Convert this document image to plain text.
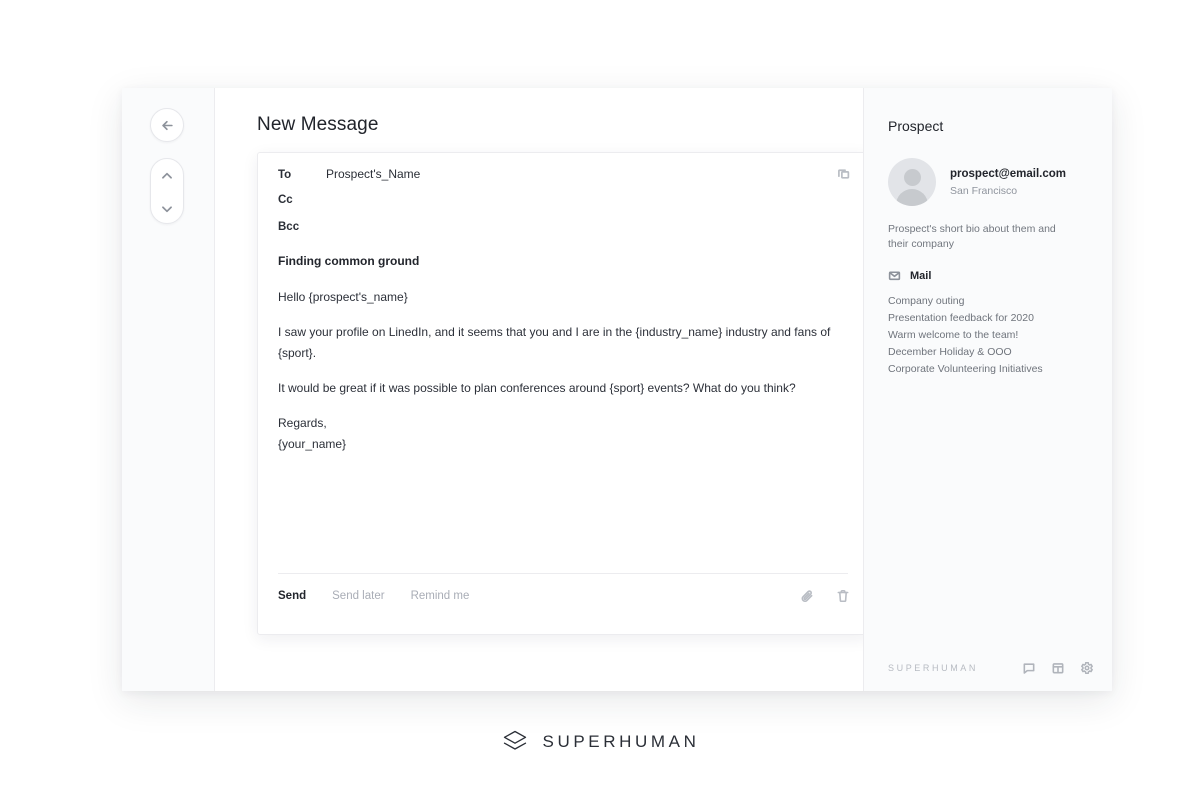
New Message
To	Prospect's_Name
Cc
Bcc
Finding common ground

Hello {prospect's_name}

I saw your profile on LinedIn, and it seems that you and I are in the {industry_name} industry and fans of {sport}.

It would be great if it was possible to plan conferences around {sport} events? What do you think?

Regards,

{your_name}

Send Send later Remind me
Prospect
prospect@email.com
San Francisco
Prospect's short bio about them and their company
Mail
Company outing
Presentation feedback for 2020
Warm welcome to the team!
December Holiday & OOO
Corporate Volunteering Initiatives
SUPERHUMAN
SUPERHUMAN
